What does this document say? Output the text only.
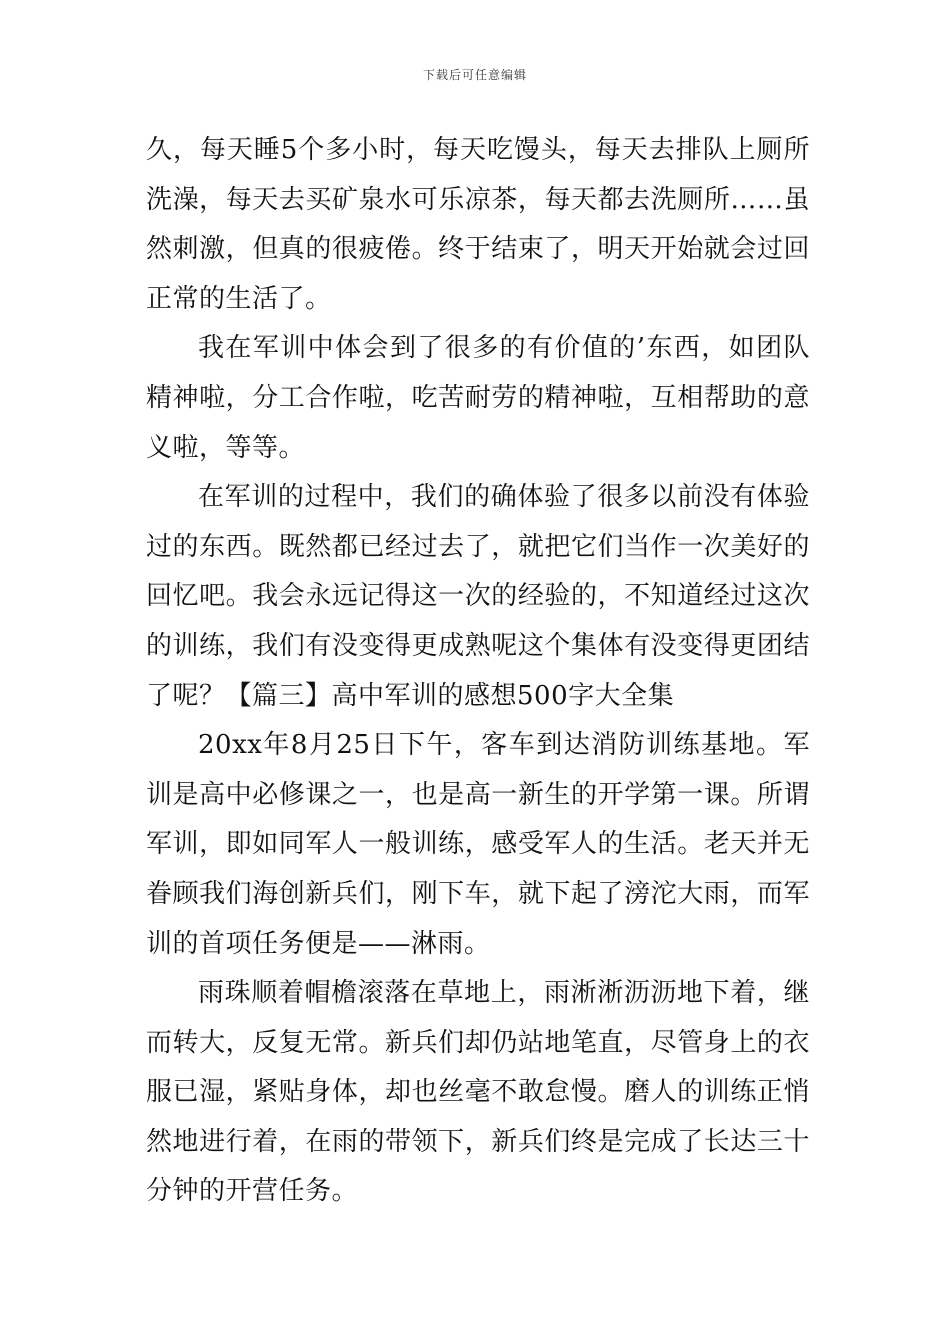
下载后可任意编辑

久，每天睡5个多小时，每天吃馒头，每天去排队上厕所洗澡，每天去买矿泉水可乐凉茶，每天都去洗厕所……虽然刺激，但真的很疲倦。终于结束了，明天开始就会过回正常的生活了。

我在军训中体会到了很多的有价值的’东西，如团队精神啦，分工合作啦，吃苦耐劳的精神啦，互相帮助的意义啦，等等。

在军训的过程中，我们的确体验了很多以前没有体验过的东西。既然都已经过去了，就把它们当作一次美好的回忆吧。我会永远记得这一次的经验的，不知道经过这次的训练，我们有没变得更成熟呢这个集体有没变得更团结了呢？【篇三】高中军训的感想500字大全集

20xx年8月25日下午，客车到达消防训练基地。军训是高中必修课之一，也是高一新生的开学第一课。所谓军训，即如同军人一般训练，感受军人的生活。老天并无眷顾我们海创新兵们，刚下车，就下起了滂沱大雨，而军训的首项任务便是——淋雨。

雨珠顺着帽檐滚落在草地上，雨淅淅沥沥地下着，继而转大，反复无常。新兵们却仍站地笔直，尽管身上的衣服已湿，紧贴身体，却也丝毫不敢怠慢。磨人的训练正悄然地进行着，在雨的带领下，新兵们终是完成了长达三十分钟的开营任务。
